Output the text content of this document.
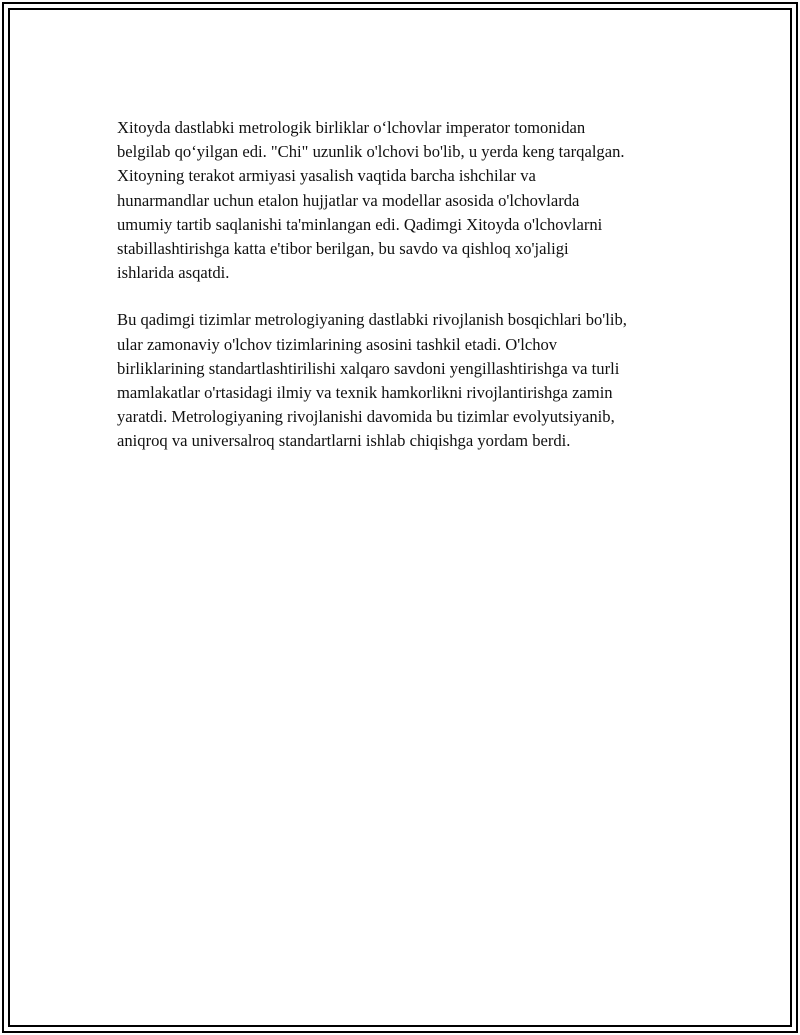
Xitoyda dastlabki metrologik birliklar o‘lchovlar imperator tomonidan
belgilab qo‘yilgan edi. "Chi" uzunlik o'lchovi bo'lib, u yerda keng tarqalgan.
Xitoyning terakot armiyasi yasalish vaqtida barcha ishchilar va
hunarmandlar uchun etalon hujjatlar va modellar asosida o'lchovlarda
umumiy tartib saqlanishi ta'minlangan edi. Qadimgi Xitoyda o'lchovlarni
stabillashtirishga katta e'tibor berilgan, bu savdo va qishloq xo'jaligi
ishlarida asqatdi.

Bu qadimgi tizimlar metrologiyaning dastlabki rivojlanish bosqichlari bo'lib,
ular zamonaviy o'lchov tizimlarining asosini tashkil etadi. O'lchov
birliklarining standartlashtirilishi xalqaro savdoni yengillashtirishga va turli
mamlakatlar o'rtasidagi ilmiy va texnik hamkorlikni rivojlantirishga zamin
yaratdi. Metrologiyaning rivojlanishi davomida bu tizimlar evolyutsiyanib,
aniqroq va universalroq standartlarni ishlab chiqishga yordam berdi.
